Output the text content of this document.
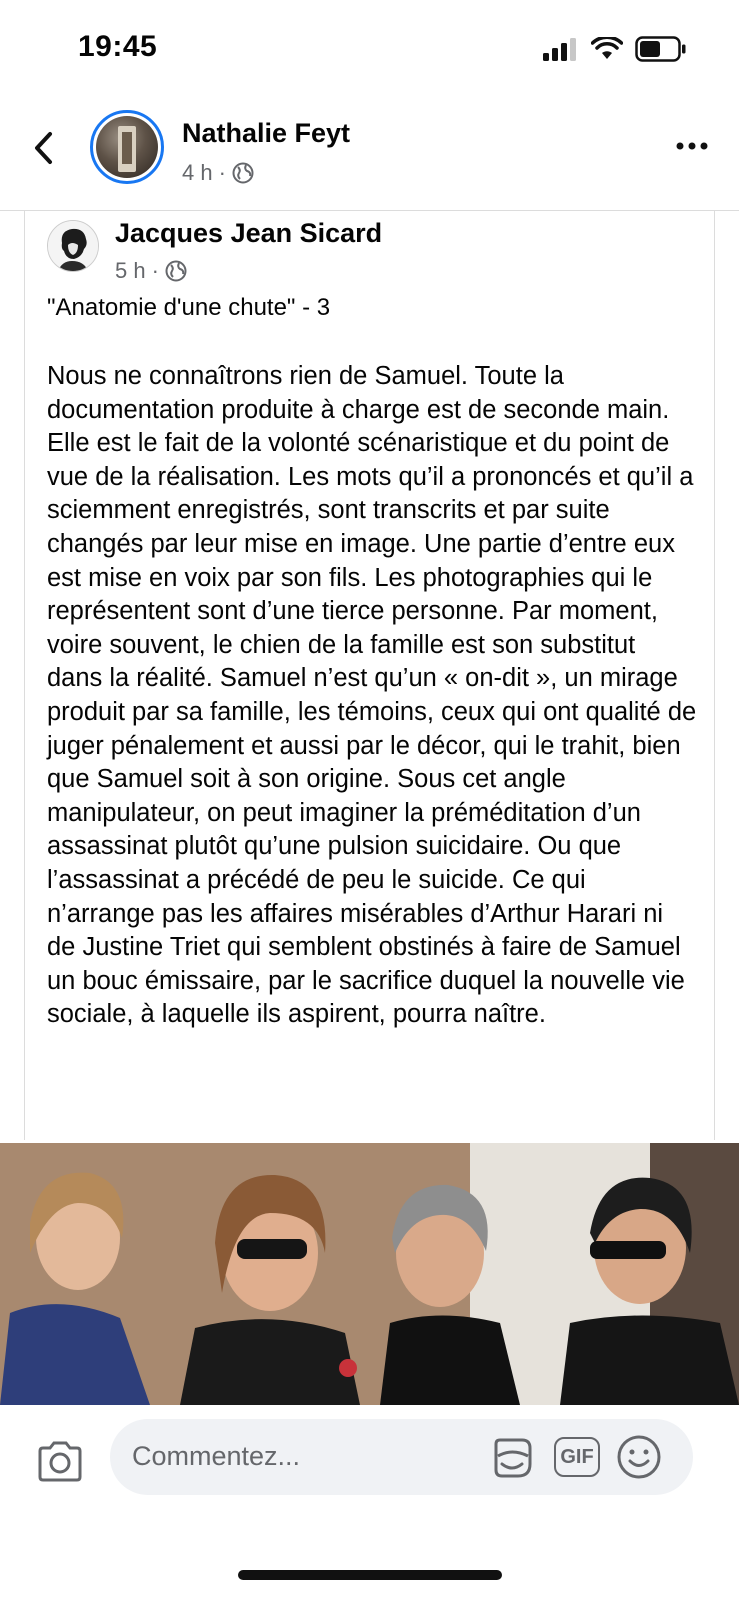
19:45
Nathalie Feyt
4 h ·
Jacques Jean Sicard
5 h ·
"Anatomie d'une chute" - 3
Nous ne connaîtrons rien de Samuel. Toute la documentation produite à charge est de seconde main. Elle est le fait de la volonté scénaristique et du point de vue de la réalisation. Les mots qu’il a prononcés et qu’il a sciemment enregistrés, sont transcrits et par suite changés par leur mise en image. Une partie d’entre eux est mise en voix par son fils. Les photographies qui le représentent sont d’une tierce personne. Par moment, voire souvent, le chien de la famille est son substitut dans la réalité. Samuel n’est qu’un « on-dit », un mirage produit par sa famille, les témoins, ceux qui ont qualité de juger pénalement et aussi par le décor, qui le trahit, bien que Samuel soit à son origine. Sous cet angle manipulateur, on peut imaginer la préméditation d’un assassinat plutôt qu’une pulsion suicidaire. Ou que l’assassinat a précédé de peu le suicide. Ce qui n’arrange pas les affaires misérables d’Arthur Harari ni de Justine Triet qui semblent obstinés à faire de Samuel un bouc émissaire, par le sacrifice duquel la nouvelle vie sociale, à laquelle ils aspirent, pourra naître.
Commentez...	GIF
